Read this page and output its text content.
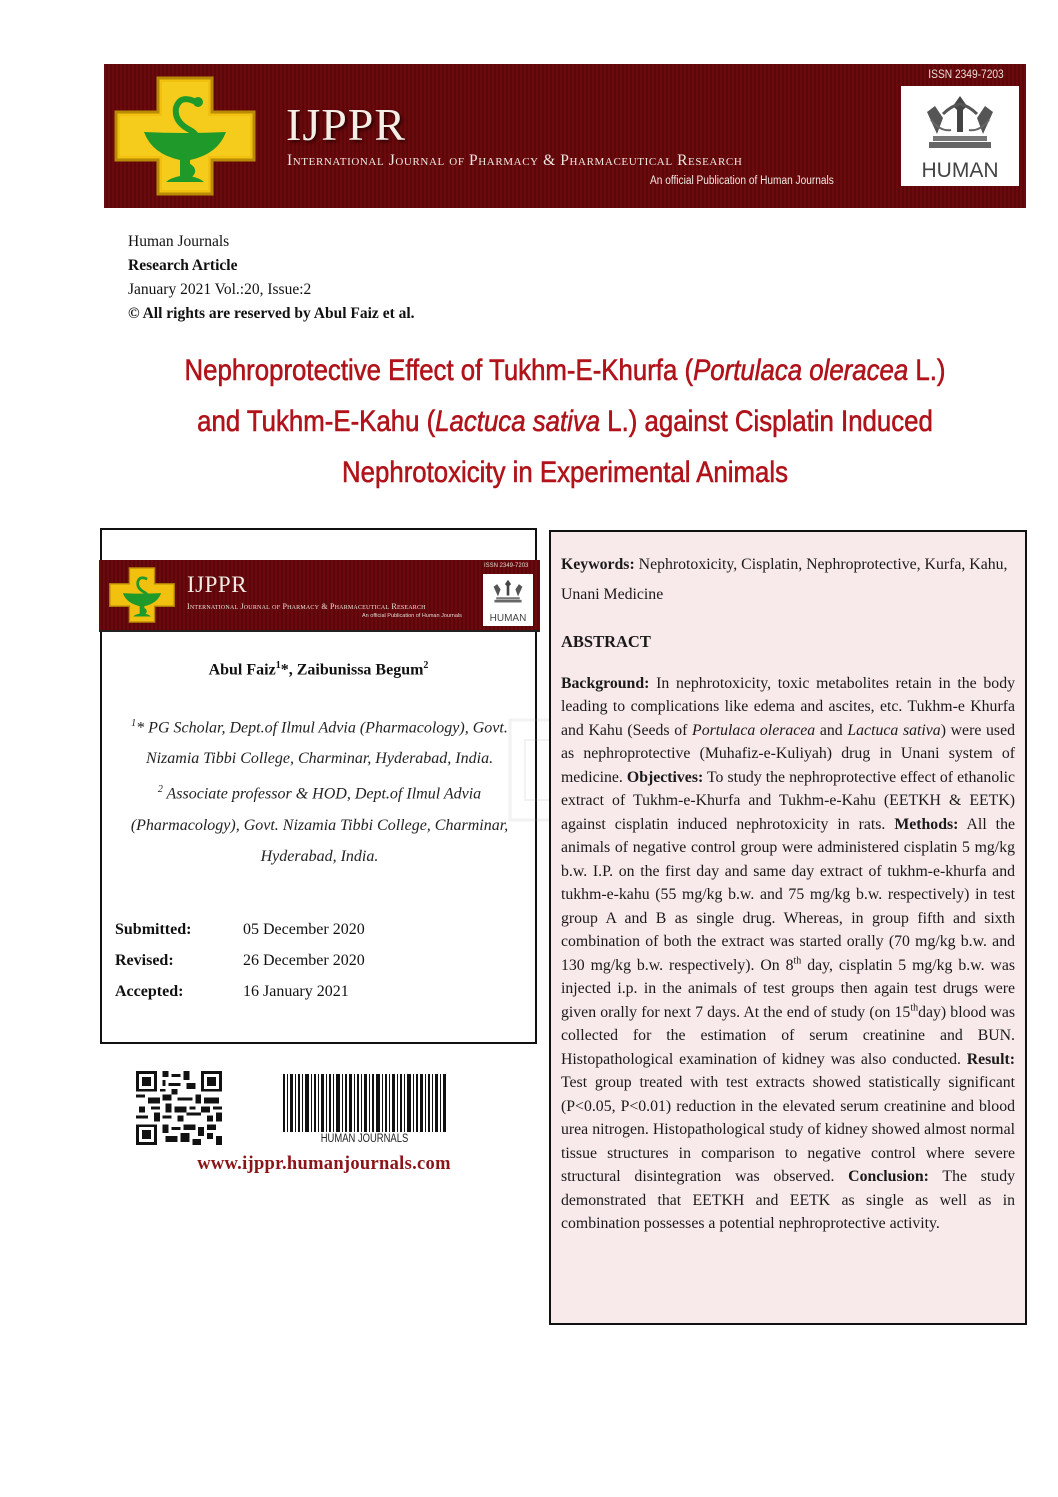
IJPPR
International Journal of Pharmacy & Pharmaceutical Research
An official Publication of Human Journals
ISSN 2349-7203
HUMAN
Human Journals
Research Article
January 2021 Vol.:20, Issue:2
© All rights are reserved by Abul Faiz et al.
Nephroprotective Effect of Tukhm-E-Khurfa (Portulaca oleracea L.)
and Tukhm-E-Kahu (Lactuca sativa L.) against Cisplatin Induced
Nephrotoxicity in Experimental Animals
IJPPR
International Journal of Pharmacy & Pharmaceutical Research
An official Publication of Human Journals
ISSN 2349-7203
HUMAN
Abul Faiz$^1$*, Zaibunissa Begum$^2$
$^1$* PG Scholar, Dept.of Ilmul Advia (Pharmacology), Govt. Nizamia Tibbi College, Charminar, Hyderabad, India.
$^2$ Associate professor & HOD, Dept.of Ilmul Advia (Pharmacology), Govt. Nizamia Tibbi College, Charminar, Hyderabad, India.
Submitted:	05 December 2020
Revised:	26 December 2020
Accepted:	16 January 2021
HUMAN JOURNALS
www.ijppr.humanjournals.com
Keywords: Nephrotoxicity, Cisplatin, Nephroprotective, Kurfa, Kahu, Unani Medicine
ABSTRACT
Background: In nephrotoxicity, toxic metabolites retain in the body leading to complications like edema and ascites, etc. Tukhm-e Khurfa and Kahu (Seeds of Portulaca oleracea and Lactuca sativa) were used as nephroprotective (Muhafiz-e-Kuliyah) drug in Unani system of medicine. Objectives: To study the nephroprotective effect of ethanolic extract of Tukhm-e-Khurfa and Tukhm-e-Kahu (EETKH & EETK) against cisplatin induced nephrotoxicity in rats. Methods: All the animals of negative control group were administered cisplatin 5 mg/kg b.w. I.P. on the first day and same day extract of tukhm-e-khurfa and tukhm-e-kahu (55 mg/kg b.w. and 75 mg/kg b.w. respectively) in test group A and B as single drug. Whereas, in group fifth and sixth combination of both the extract was started orally (70 mg/kg b.w. and 130 mg/kg b.w. respectively). On 8th day, cisplatin 5 mg/kg b.w. was injected i.p. in the animals of test groups then again test drugs were given orally for next 7 days. At the end of study (on 15thday) blood was collected for the estimation of serum creatinine and BUN. Histopathological examination of kidney was also conducted. Result: Test group treated with test extracts showed statistically significant (P<0.05, P<0.01) reduction in the elevated serum creatinine and blood urea nitrogen. Histopathological study of kidney showed almost normal tissue structures in comparison to negative control where severe structural disintegration was observed. Conclusion: The study demonstrated that EETKH and EETK as single as well as in combination possesses a potential nephroprotective activity.
